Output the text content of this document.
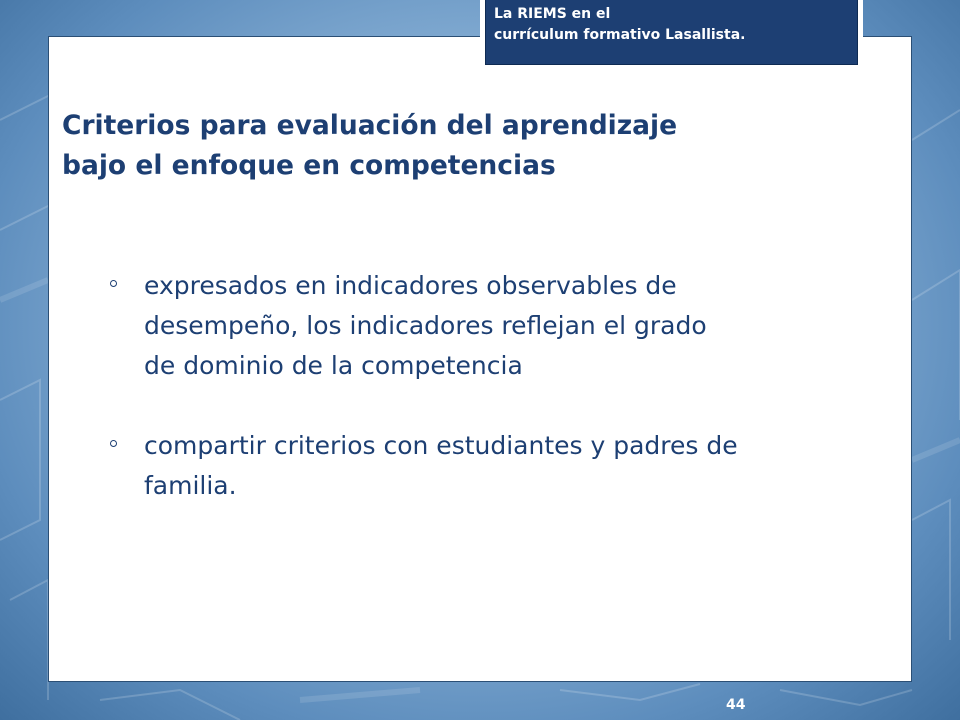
La RIEMS en el
currículum formativo Lasallista.
Criterios para evaluación del aprendizaje
bajo el enfoque en competencias
expresados en indicadores observables de
desempeño, los indicadores reflejan el grado
de dominio de la competencia
compartir criterios con estudiantes y padres de
familia.
44
